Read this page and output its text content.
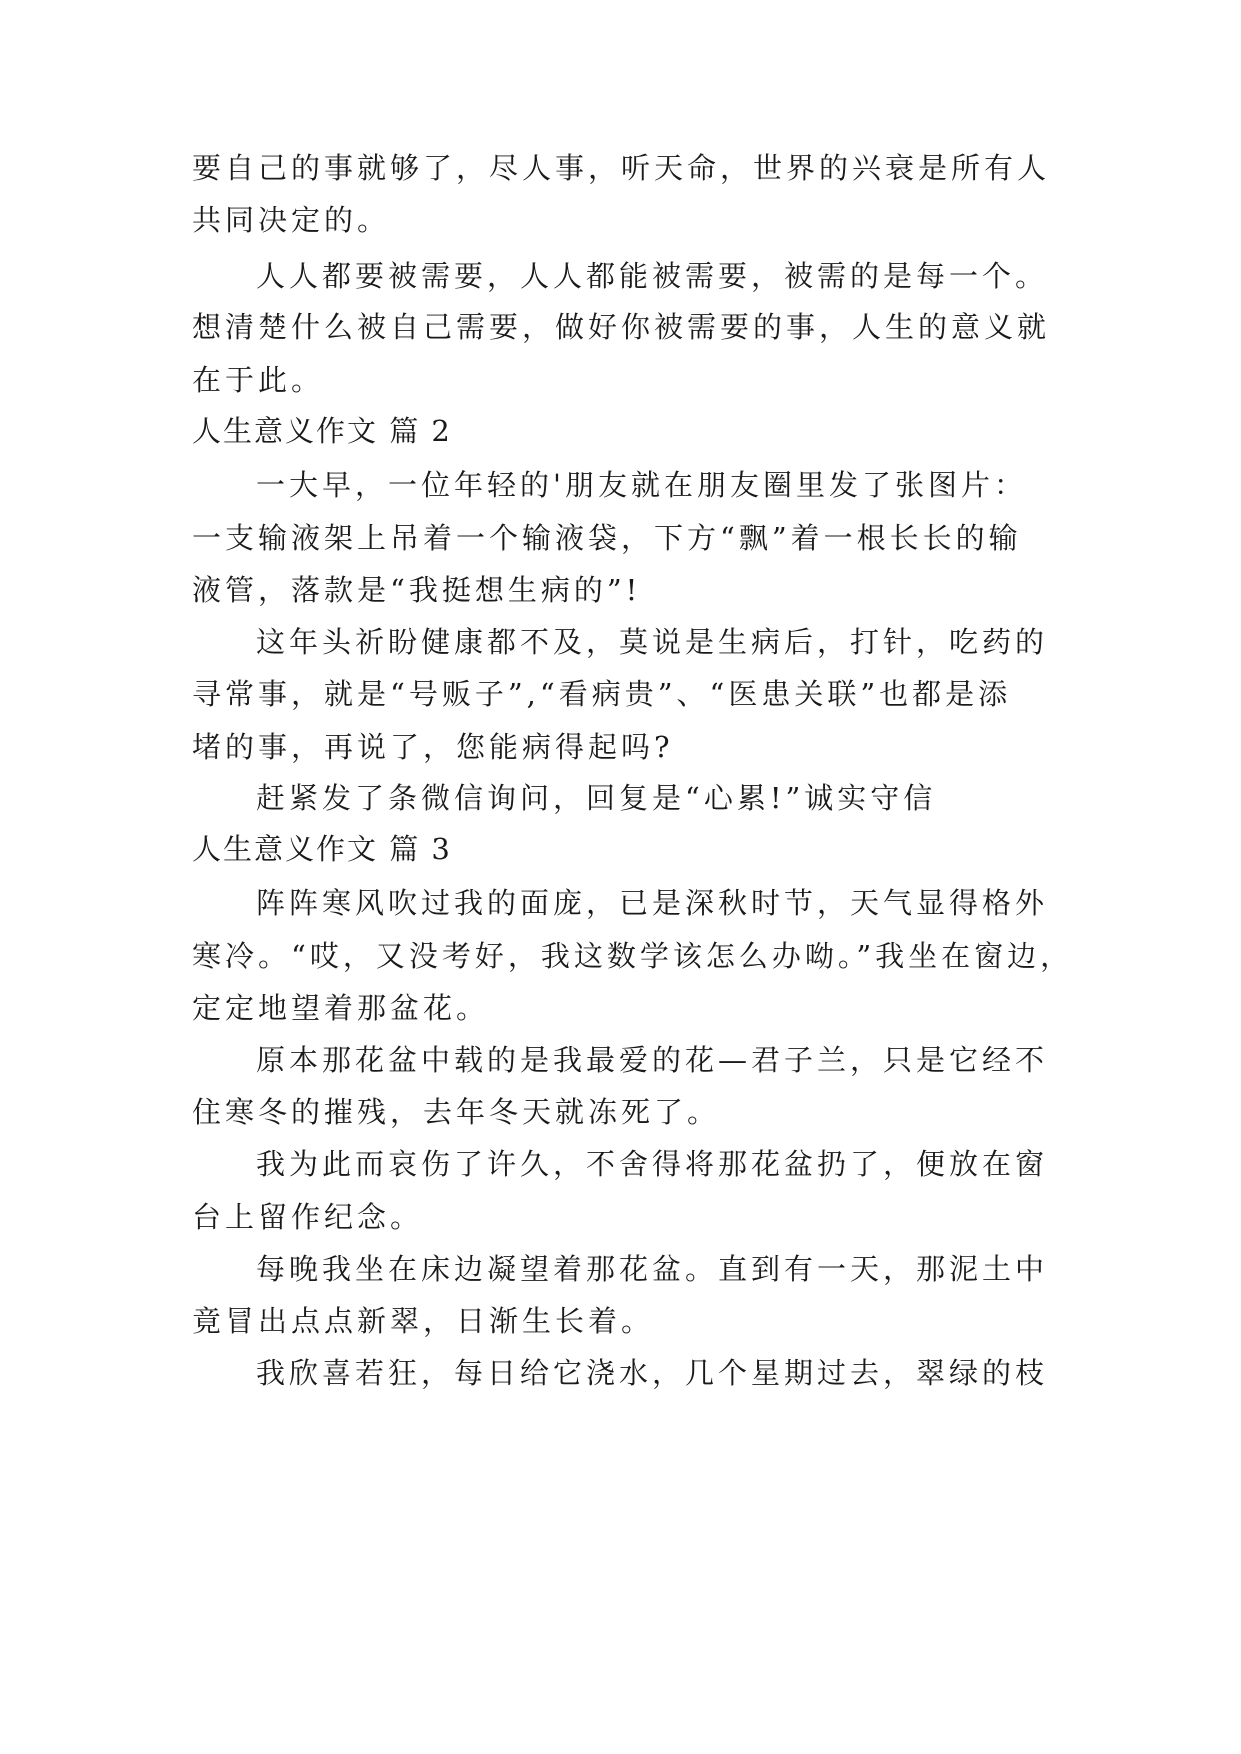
要自己的事就够了，尽人事，听天命，世界的兴衰是所有人
共同决定的。
人人都要被需要，人人都能被需要，被需的是每一个。
想清楚什么被自己需要，做好你被需要的事，人生的意义就
在于此。
人生意义作文 篇 2
一大早，一位年轻的'朋友就在朋友圈里发了张图片：
一支输液架上吊着一个输液袋，下方“飘”着一根长长的输
液管，落款是“我挺想生病的”!
这年头祈盼健康都不及，莫说是生病后，打针，吃药的
寻常事，就是“号贩子”,“看病贵”、“医患关联”也都是添
堵的事，再说了，您能病得起吗?
赶紧发了条微信询问，回复是“心累!”诚实守信
人生意义作文 篇 3
阵阵寒风吹过我的面庞，已是深秋时节，天气显得格外
寒冷。“哎，又没考好，我这数学该怎么办呦。”我坐在窗边，
定定地望着那盆花。
原本那花盆中载的是我最爱的花—君子兰，只是它经不
住寒冬的摧残，去年冬天就冻死了。
我为此而哀伤了许久，不舍得将那花盆扔了，便放在窗
台上留作纪念。
每晚我坐在床边凝望着那花盆。直到有一天，那泥土中
竟冒出点点新翠，日渐生长着。
我欣喜若狂，每日给它浇水，几个星期过去，翠绿的枝
